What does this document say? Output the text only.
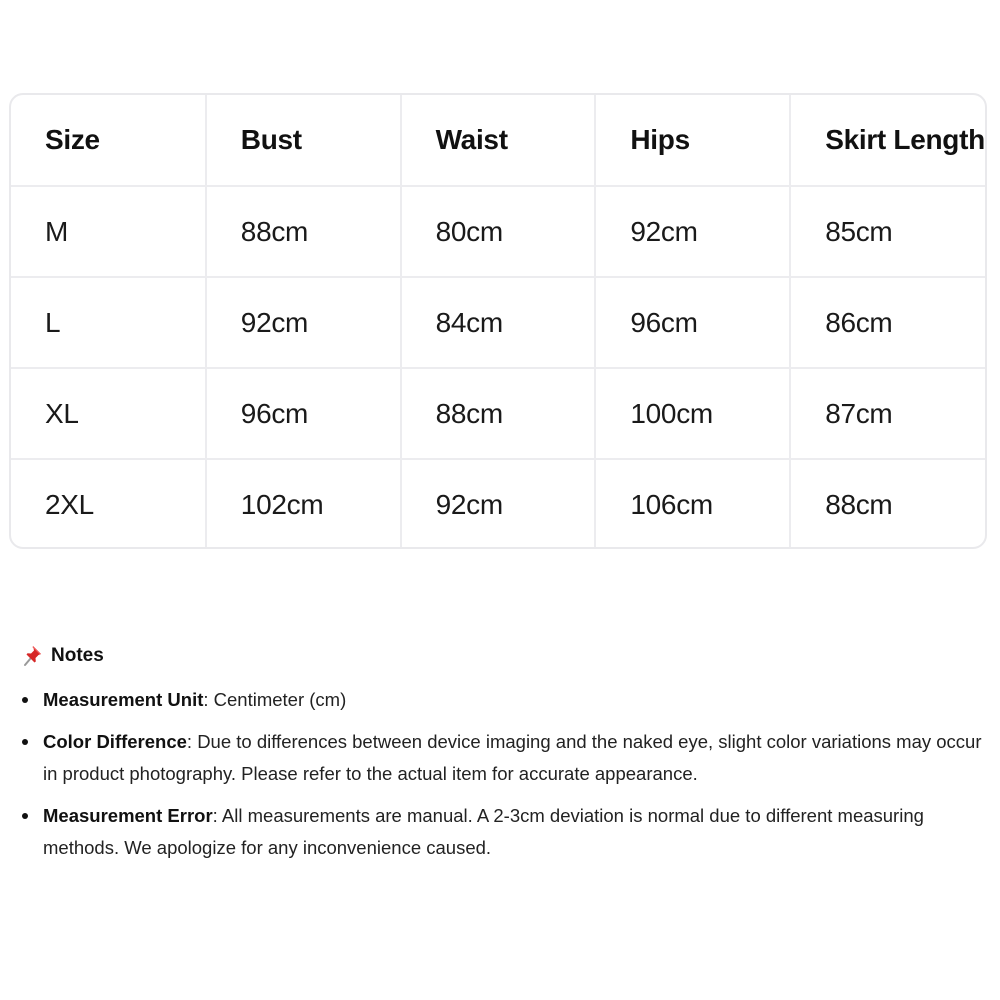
Size	Bust	Waist	Hips	Skirt Length
M	88cm	80cm	92cm	85cm
L	92cm	84cm	96cm	86cm
XL	96cm	88cm	100cm	87cm
2XL	102cm	92cm	106cm	88cm
Notes
Measurement Unit: Centimeter (cm)
Color Difference: Due to differences between device imaging and the naked eye, slight color variations may occur in product photography. Please refer to the actual item for accurate appearance.
Measurement Error: All measurements are manual. A 2-3cm deviation is normal due to different measuring methods. We apologize for any inconvenience caused.
